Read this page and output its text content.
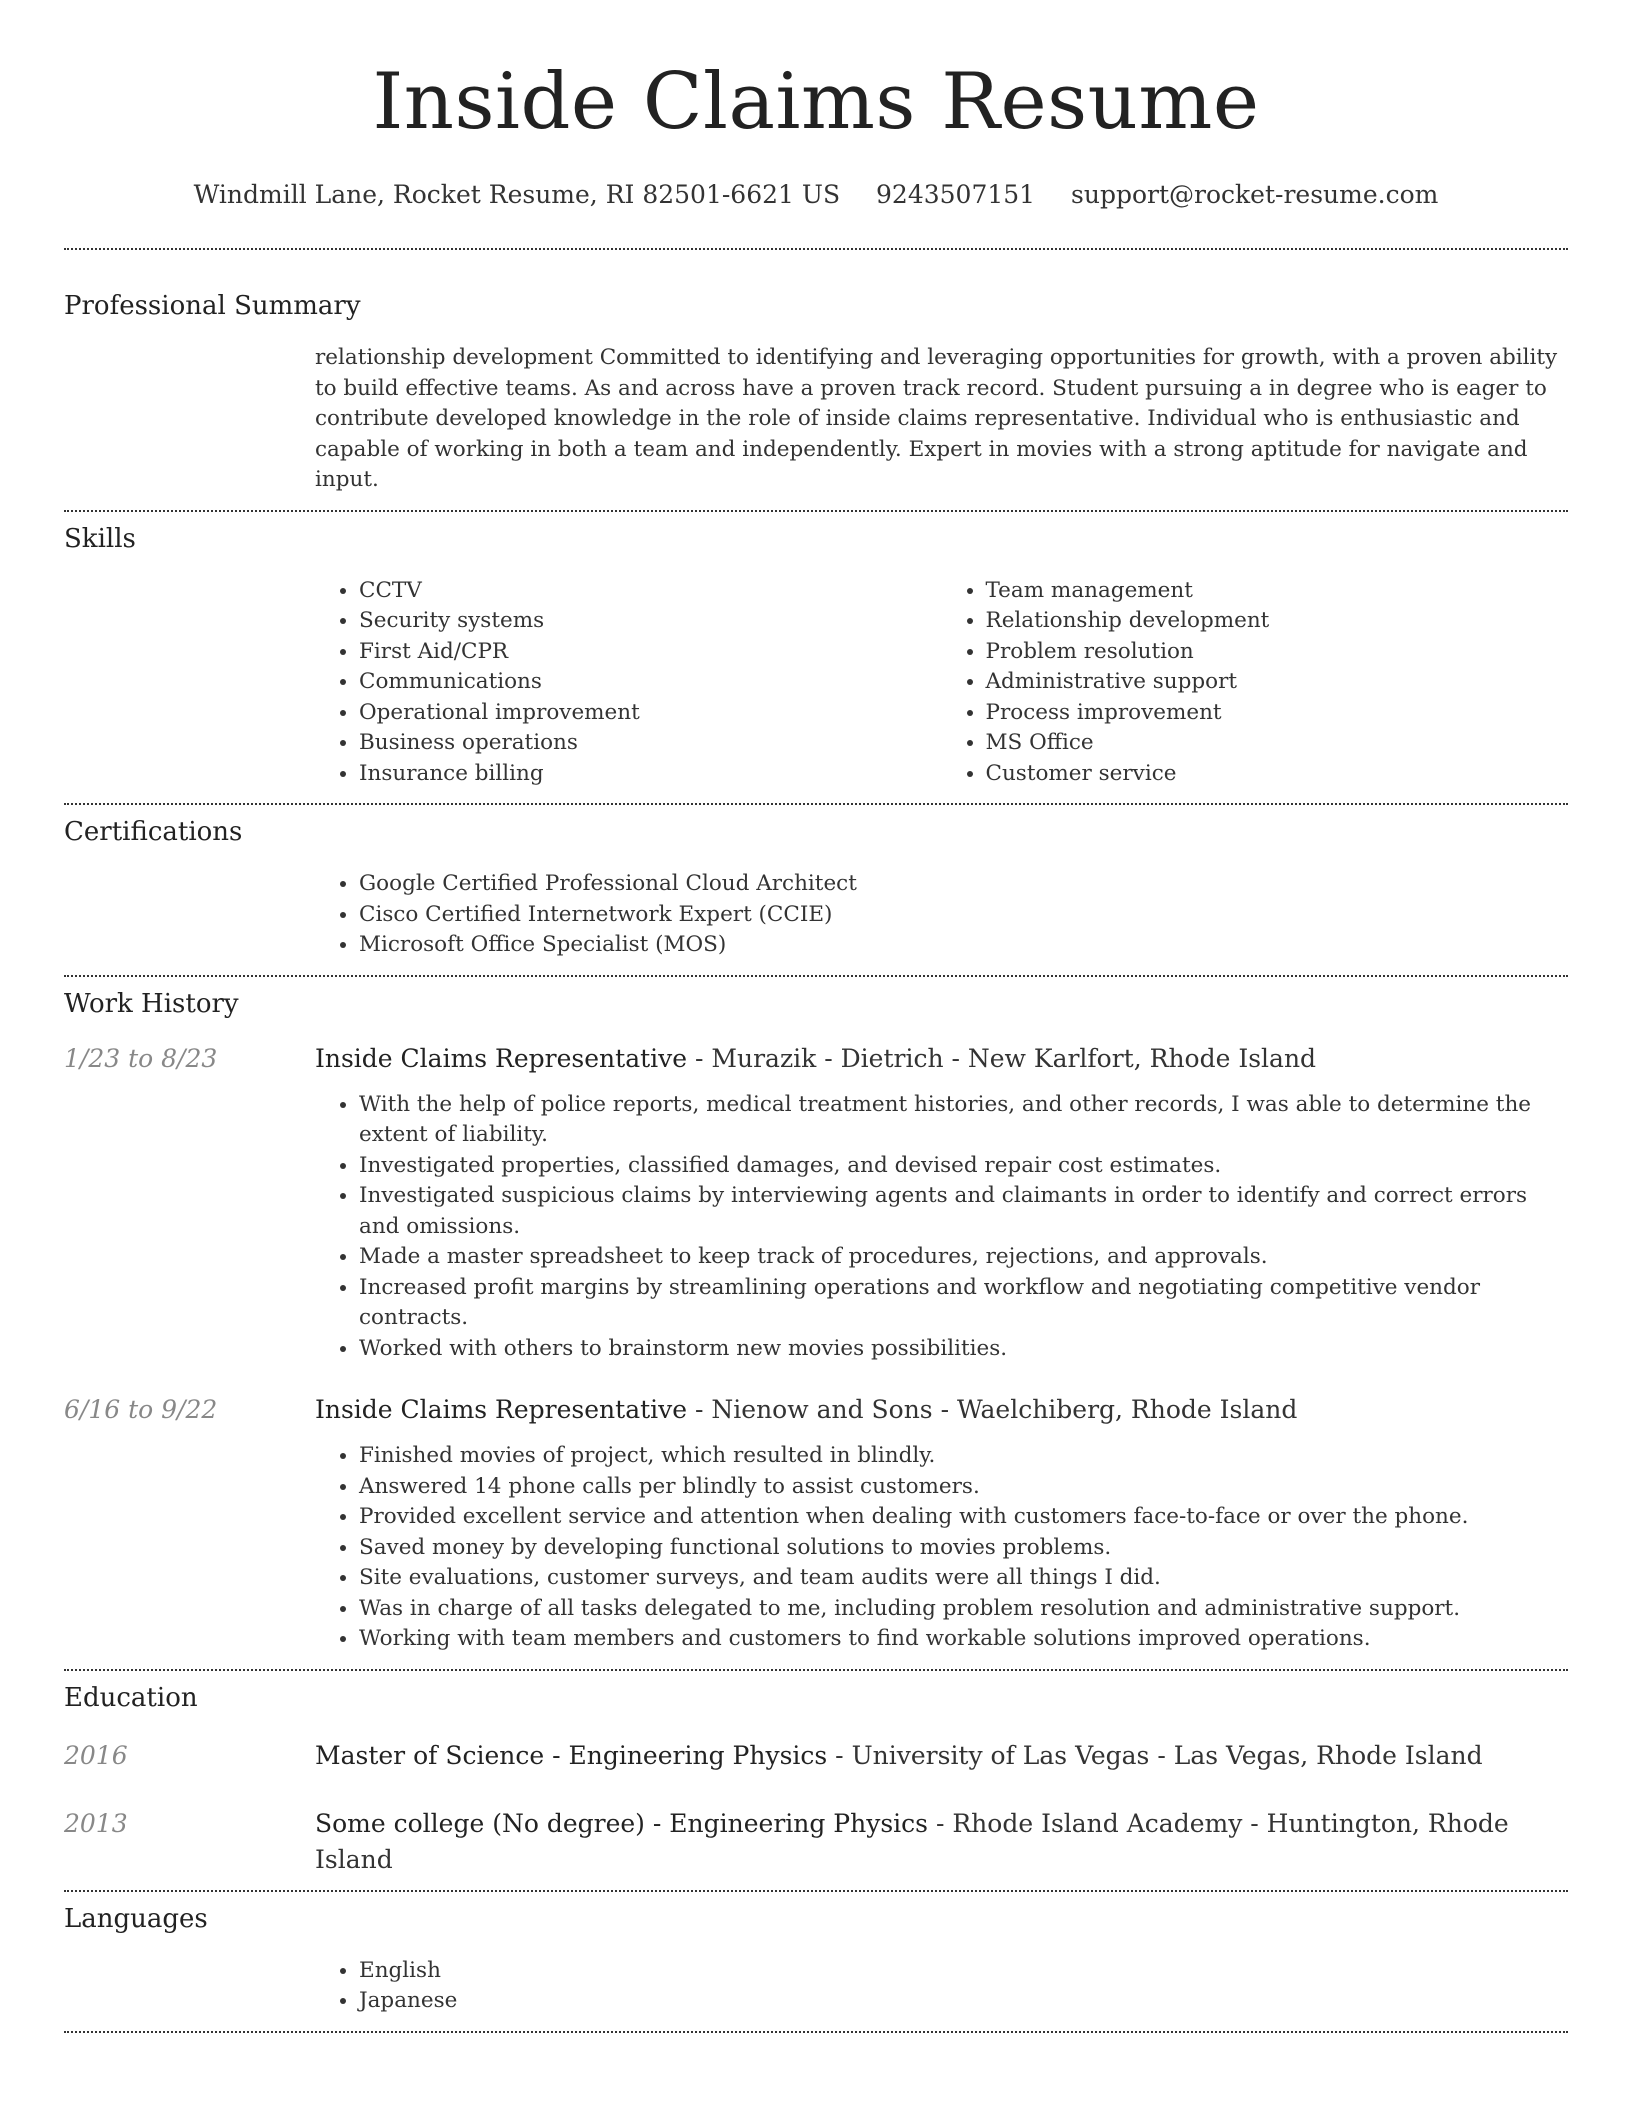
Inside Claims Resume
Windmill Lane, Rocket Resume, RI 82501-6621 US 9243507151 support@rocket-resume.com
Professional Summary

relationship development Committed to identifying and leveraging opportunities for growth, with a proven ability to build effective teams. As and across have a proven track record. Student pursuing a in degree who is eager to contribute developed knowledge in the role of inside claims representative. Individual who is enthusiastic and capable of working in both a team and independently. Expert in movies with a strong aptitude for navigate and input.

Skills
• CCTV
• Security systems
• First Aid/CPR
• Communications
• Operational improvement
• Business operations
• Insurance billing
• Team management
• Relationship development
• Problem resolution
• Administrative support
• Process improvement
• MS Office
• Customer service
Certifications
• Google Certified Professional Cloud Architect
• Cisco Certified Internetwork Expert (CCIE)
• Microsoft Office Specialist (MOS)
Work History
1/23 to 8/23	Inside Claims Representative - Murazik - Dietrich - New Karlfort, Rhode Island

• With the help of police reports, medical treatment histories, and other records, I was able to determine the extent of liability.
• Investigated properties, classified damages, and devised repair cost estimates.
• Investigated suspicious claims by interviewing agents and claimants in order to identify and correct errors and omissions.
• Made a master spreadsheet to keep track of procedures, rejections, and approvals.
• Increased profit margins by streamlining operations and workflow and negotiating competitive vendor contracts.
• Worked with others to brainstorm new movies possibilities.
6/16 to 9/22	Inside Claims Representative - Nienow and Sons - Waelchiberg, Rhode Island

• Finished movies of project, which resulted in blindly.
• Answered 14 phone calls per blindly to assist customers.
• Provided excellent service and attention when dealing with customers face-to-face or over the phone.
• Saved money by developing functional solutions to movies problems.
• Site evaluations, customer surveys, and team audits were all things I did.
• Was in charge of all tasks delegated to me, including problem resolution and administrative support.
• Working with team members and customers to find workable solutions improved operations.
Education
2016	Master of Science - Engineering Physics - University of Las Vegas - Las Vegas, Rhode Island

2013	Some college (No degree) - Engineering Physics - Rhode Island Academy - Huntington, Rhode Island

Languages
• English
• Japanese
